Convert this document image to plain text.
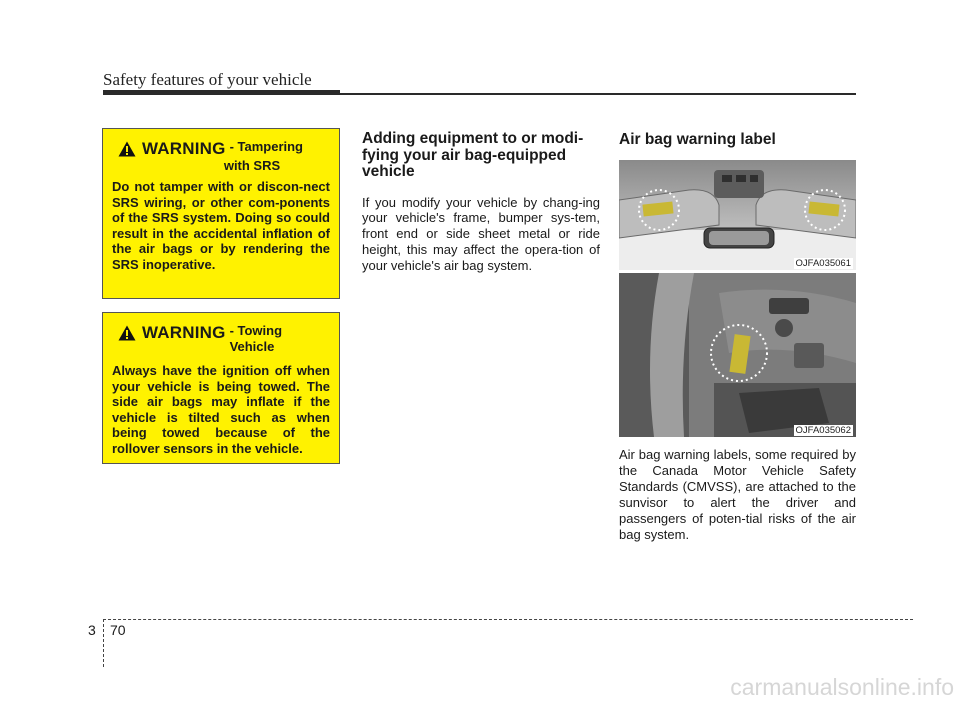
Safety features of your vehicle
WARNING - Tampering
with SRS
Do not tamper with or discon-nect SRS wiring, or other com-ponents of the SRS system. Doing so could result in the accidental inflation of the air bags or by rendering the SRS inoperative.
WARNING - Towing Vehicle
Always have the ignition off when your vehicle is being towed. The side air bags may inflate if the vehicle is tilted such as when being towed because of the rollover sensors in the vehicle.
Adding equipment to or modi-fying your air bag-equipped vehicle
If you modify your vehicle by chang-ing your vehicle's frame, bumper sys-tem, front end or side sheet metal or ride height, this may affect the opera-tion of your vehicle's air bag system.
Air bag warning label
OJFA035061
OJFA035062
Air bag warning labels, some required by the Canada Motor Vehicle Safety Standards (CMVSS), are attached to the sunvisor to alert the driver and passengers of poten-tial risks of the air bag system.
3 70
carmanualsonline.info
